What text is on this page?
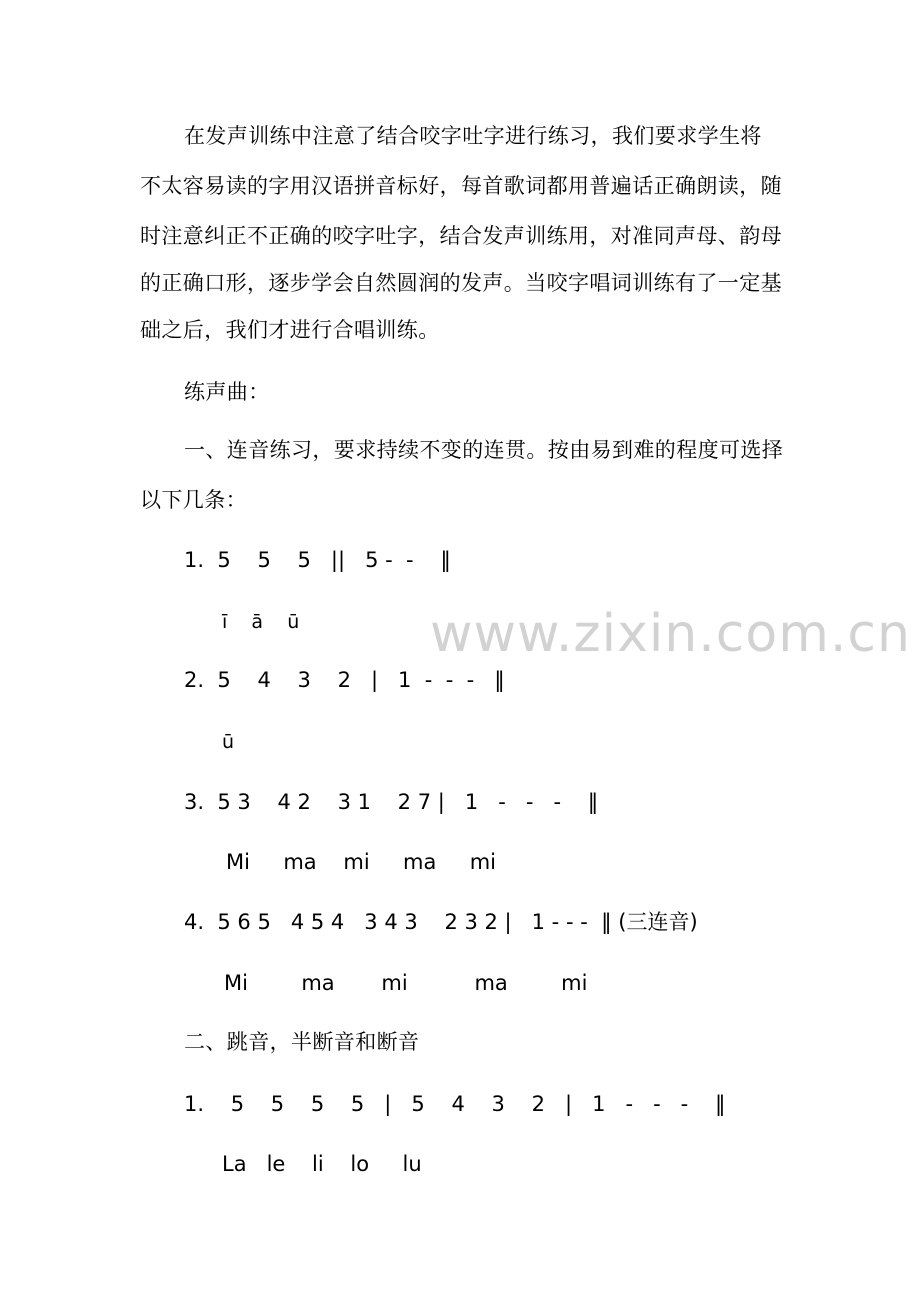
www.zixin.com.cn
在发声训练中注意了结合咬字吐字进行练习，我们要求学生将
不太容易读的字用汉语拼音标好，每首歌词都用普遍话正确朗读，随
时注意纠正不正确的咬字吐字，结合发声训练用，对准同声母、韵母
的正确口形，逐步学会自然圆润的发声。当咬字唱词训练有了一定基
础之后，我们才进行合唱训练。
练声曲：
一、连音练习，要求持续不变的连贯。按由易到难的程度可选择
以下几条：
1.  5    5    5   ||   5 -  -    ‖
ī    ā    ū
2.  5    4    3    2   |   1  -  -  -   ‖
ū
3.  5 3    4 2    3 1    2 7 |   1   -   -   -    ‖
Mi     ma    mi     ma     mi
4.  5 6 5   4 5 4   3 4 3    2 3 2 |   1 - - -  ‖ (三连音)
Mi        ma       mi          ma        mi
二、跳音，半断音和断音
1.    5    5    5    5   |   5    4    3    2   |   1   -   -   -    ‖
La   le    li    lo     lu
